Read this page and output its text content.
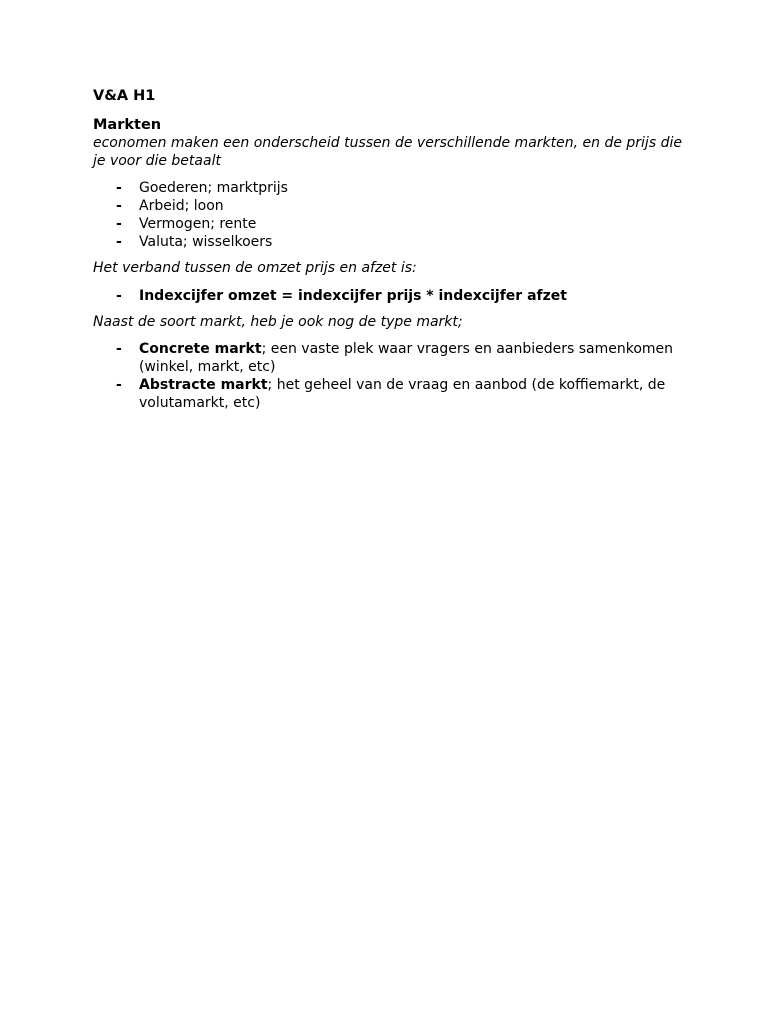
V&A H1

Markten

economen maken een onderscheid tussen de verschillende markten, en de prijs die je voor die betaalt

- Goederen; marktprijs
- Arbeid; loon
- Vermogen; rente
- Valuta; wisselkoers

Het verband tussen de omzet prijs en afzet is:

- Indexcijfer omzet = indexcijfer prijs * indexcijfer afzet

Naast de soort markt, heb je ook nog de type markt;

- Concrete markt; een vaste plek waar vragers en aanbieders samenkomen (winkel, markt, etc)
- Abstracte markt; het geheel van de vraag en aanbod (de koffiemarkt, de volutamarkt, etc)
